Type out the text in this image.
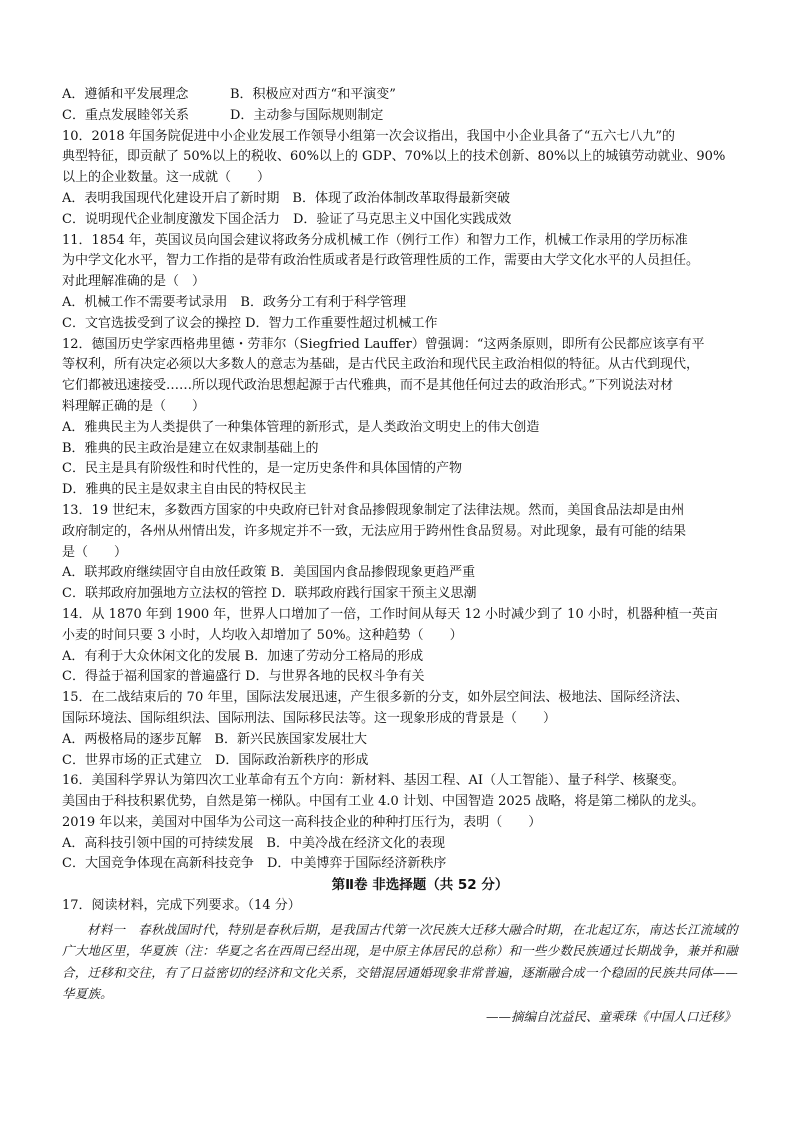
A．遵循和平发展理念	B．积极应对西方“和平演变”
C．重点发展睦邻关系	D．主动参与国际规则制定
10．2018 年国务院促进中小企业发展工作领导小组第一次会议指出，我国中小企业具备了“五六七八九”的
典型特征，即贡献了 50%以上的税收、60%以上的 GDP、70%以上的技术创新、80%以上的城镇劳动就业、90%
以上的企业数量。这一成就（　　）
A．表明我国现代化建设开启了新时期　B．体现了政治体制改革取得最新突破
C．说明现代企业制度激发下国企活力　D．验证了马克思主义中国化实践成效
11．1854 年，英国议员向国会建议将政务分成机械工作（例行工作）和智力工作，机械工作录用的学历标准
为中学文化水平，智力工作指的是带有政治性质或者是行政管理性质的工作，需要由大学文化水平的人员担任。
对此理解准确的是（　）
A．机械工作不需要考试录用　B．政务分工有利于科学管理
C．文官选拔受到了议会的操控 D．智力工作重要性超过机械工作
12．德国历史学家西格弗里德・劳菲尔（Siegfried Lauffer）曾强调：“这两条原则，即所有公民都应该享有平
等权利，所有决定必须以大多数人的意志为基础，是古代民主政治和现代民主政治相似的特征。从古代到现代，
它们都被迅速接受……所以现代政治思想起源于古代雅典，而不是其他任何过去的政治形式。”下列说法对材
料理解正确的是（　　）
A．雅典民主为人类提供了一种集体管理的新形式，是人类政治文明史上的伟大创造
B．雅典的民主政治是建立在奴隶制基础上的
C．民主是具有阶级性和时代性的，是一定历史条件和具体国情的产物
D．雅典的民主是奴隶主自由民的特权民主
13．19 世纪末，多数西方国家的中央政府已针对食品掺假现象制定了法律法规。然而，美国食品法却是由州
政府制定的，各州从州情出发，许多规定并不一致，无法应用于跨州性食品贸易。对此现象，最有可能的结果
是（　　）
A．联邦政府继续固守自由放任政策 B．美国国内食品掺假现象更趋严重
C．联邦政府加强地方立法权的管控 D．联邦政府践行国家干预主义思潮
14．从 1870 年到 1900 年，世界人口增加了一倍，工作时间从每天 12 小时减少到了 10 小时，机器种植一英亩
小麦的时间只要 3 小时，人均收入却增加了 50%。这种趋势（　　）
A．有利于大众休闲文化的发展 B．加速了劳动分工格局的形成
C．得益于福利国家的普遍盛行 D．与世界各地的民权斗争有关
15．在二战结束后的 70 年里，国际法发展迅速，产生很多新的分支，如外层空间法、极地法、国际经济法、
国际环境法、国际组织法、国际刑法、国际移民法等。这一现象形成的背景是（　　）
A．两极格局的逐步瓦解　B．新兴民族国家发展壮大
C．世界市场的正式建立　D．国际政治新秩序的形成
16．美国科学界认为第四次工业革命有五个方向：新材料、基因工程、AI（人工智能）、量子科学、核聚变。
美国由于科技积累优势，自然是第一梯队。中国有工业 4.0 计划、中国智造 2025 战略，将是第二梯队的龙头。
2019 年以来，美国对中国华为公司这一高科技企业的种种打压行为，表明（　　）
A．高科技引领中国的可持续发展　B．中美冷战在经济文化的表现
C．大国竞争体现在高新科技竞争　D．中美博弈于国际经济新秩序
第Ⅱ卷 非选择题（共 52 分）
17．阅读材料，完成下列要求。（14 分）
材料一　春秋战国时代，特别是春秋后期，是我国古代第一次民族大迁移大融合时期，在北起辽东，南达长江流域的广大地区里，华夏族（注：华夏之名在西周已经出现，是中原主体居民的总称）和一些少数民族通过长期战争，兼并和融合，迁移和交往，有了日益密切的经济和文化关系，交错混居通婚现象非常普遍，逐渐融合成一个稳固的民族共同体——华夏族。
——摘编自沈益民、童乘珠《中国人口迁移》
